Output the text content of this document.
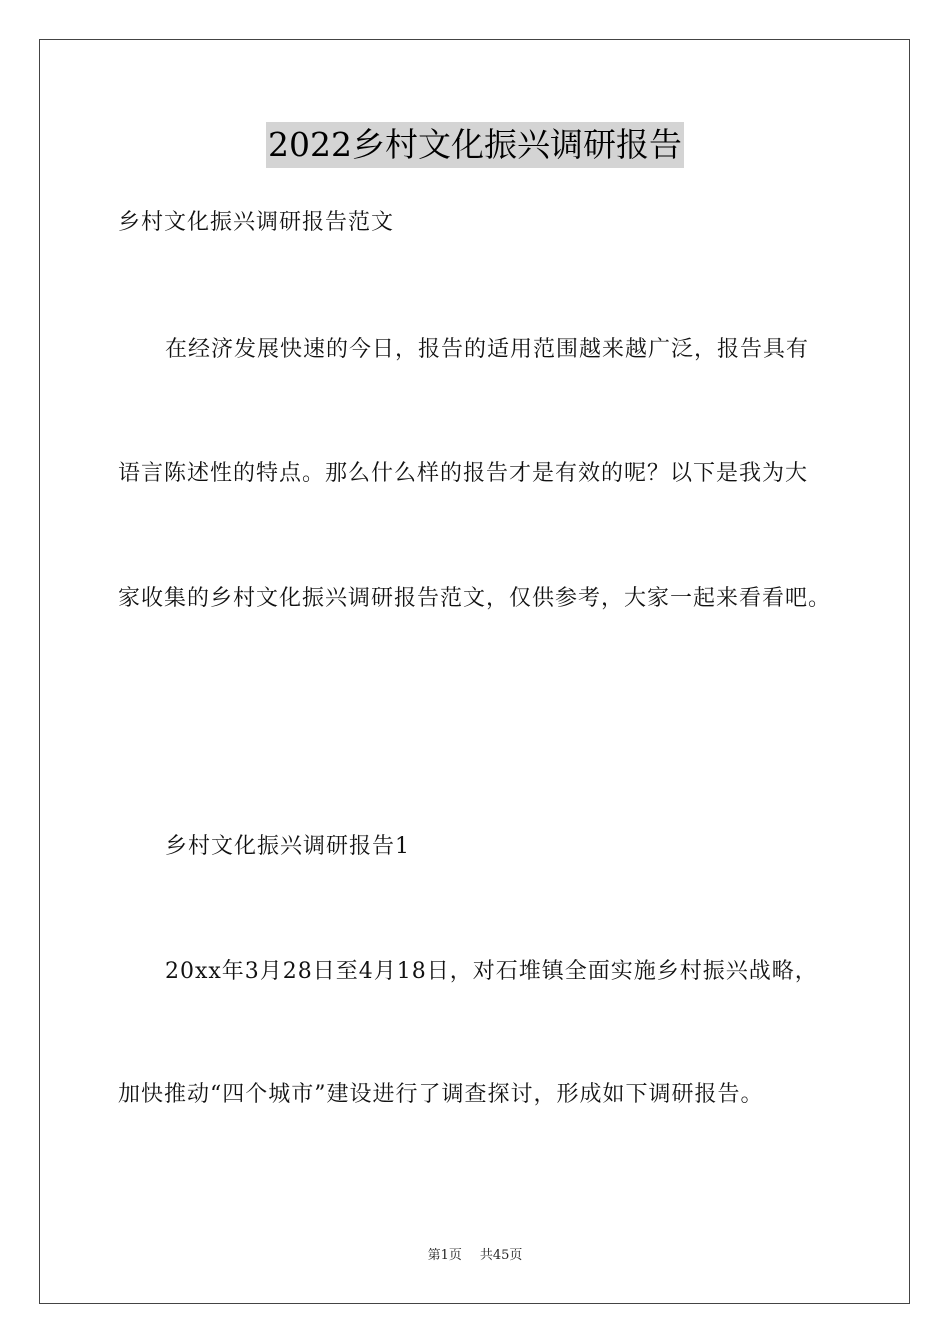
2022乡村文化振兴调研报告
乡村文化振兴调研报告范文
在经济发展快速的今日，报告的适用范围越来越广泛，报告具有
语言陈述性的特点。那么什么样的报告才是有效的呢？以下是我为大
家收集的乡村文化振兴调研报告范文，仅供参考，大家一起来看看吧。
乡村文化振兴调研报告1
20xx年3月28日至4月18日，对石堆镇全面实施乡村振兴战略，
加快推动“四个城市”建设进行了调查探讨，形成如下调研报告。
第1页 共45页
